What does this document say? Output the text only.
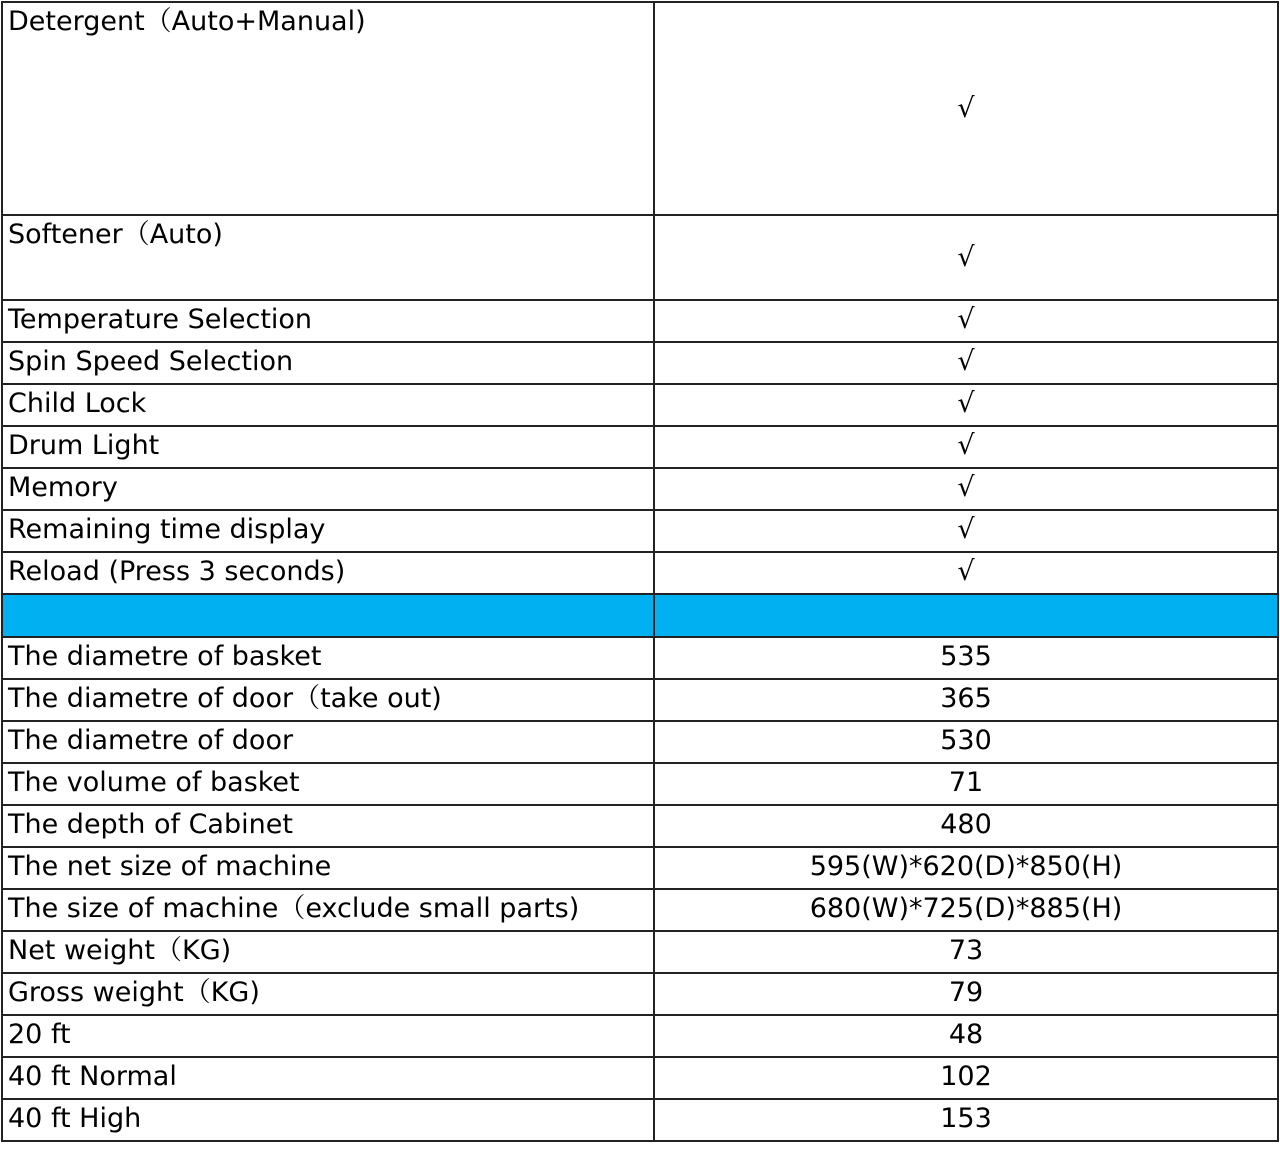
Detergent（Auto+Manual)	√
Softener（Auto)	√
Temperature Selection	√
Spin Speed Selection	√
Child Lock	√
Drum Light	√
Memory	√
Remaining time display	√
Reload (Press 3 seconds)	√

The diametre of basket	535
The diametre of door（take out)	365
The diametre of door	530
The volume of basket	71
The depth of Cabinet	480
The net size of machine	595(W)*620(D)*850(H)
The size of machine（exclude small parts)	680(W)*725(D)*885(H)
Net weight（KG)	73
Gross weight（KG)	79
20 ft	48
40 ft Normal	102
40 ft High	153
